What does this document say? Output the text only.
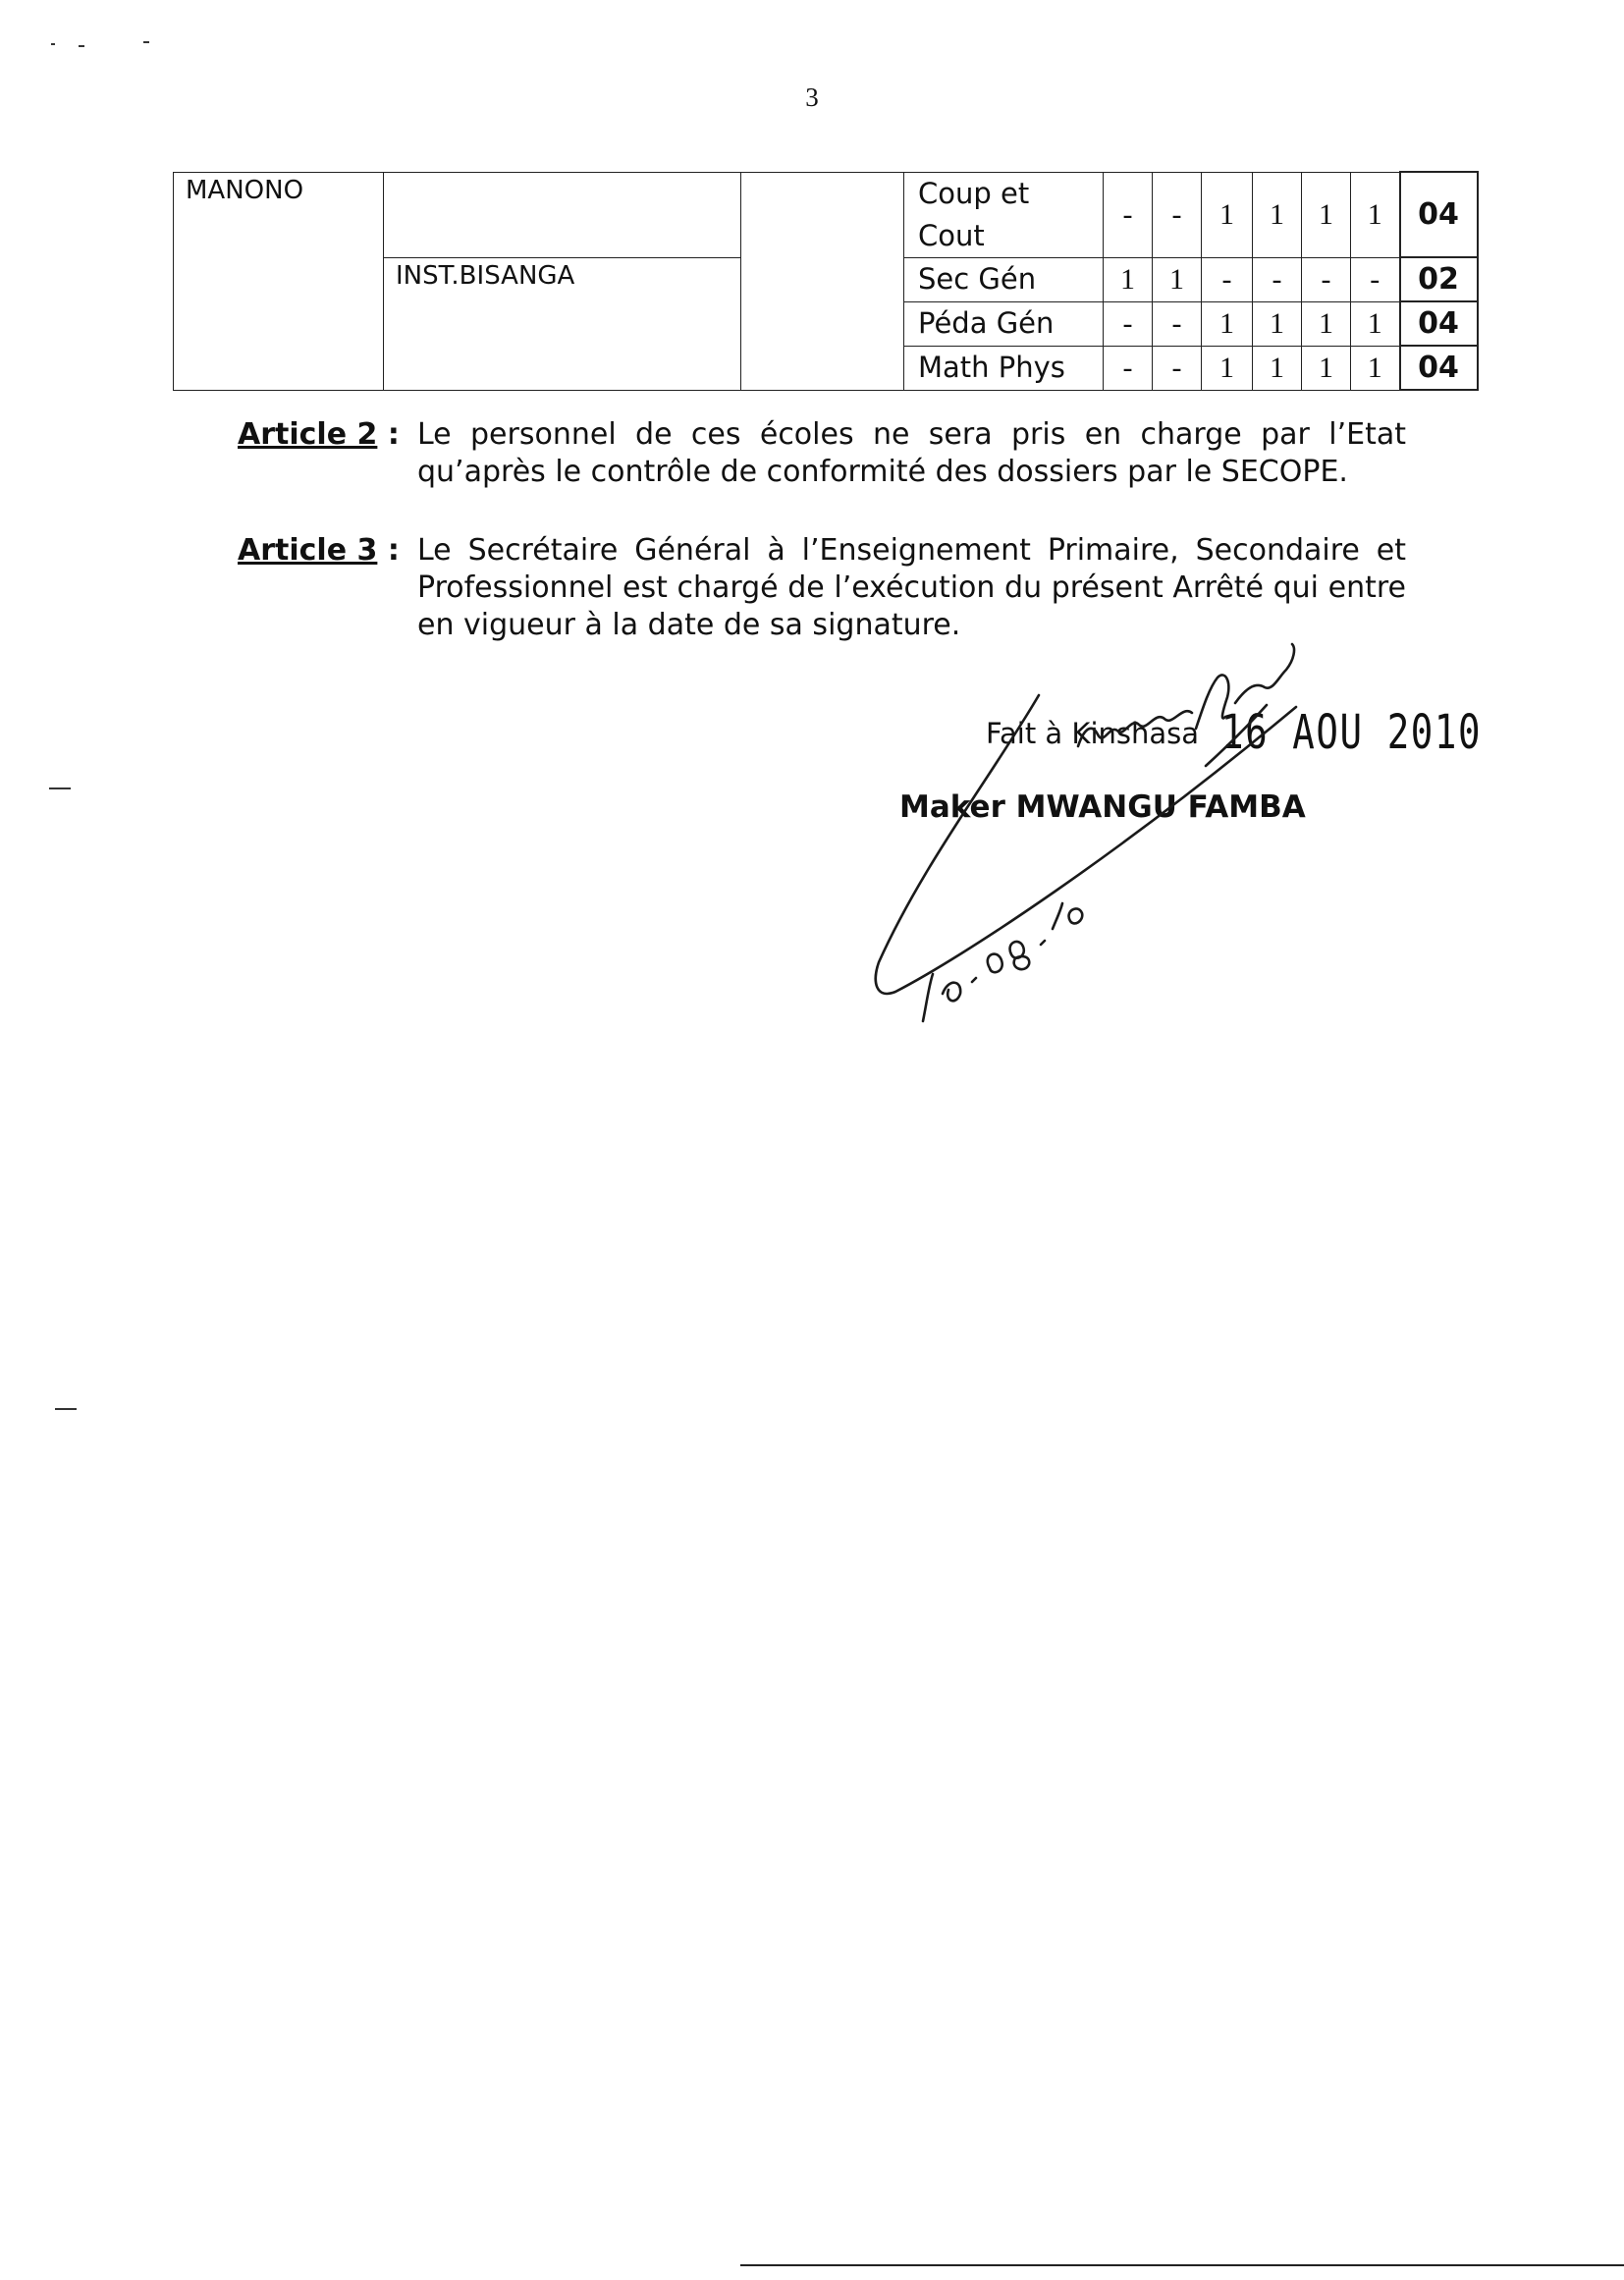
3
MANONO			Coup et Cout	-	-	1	1	1	1	04
	INST.BISANGA		Sec Gén	1	1	-	-	-	-	02
			Péda Gén	-	-	1	1	1	1	04
			Math Phys	-	-	1	1	1	1	04
Article 2 : Le personnel de ces écoles ne sera pris en charge par l’Etat qu’après le contrôle de conformité des dossiers par le SECOPE.
Article 3 : Le Secrétaire Général à l’Enseignement Primaire, Secondaire et Professionnel est chargé de l’exécution du présent Arrêté qui entre en vigueur à la date de sa signature.
Fait à Kinshasa 16 AOU 2010
Maker MWANGU FAMBA
